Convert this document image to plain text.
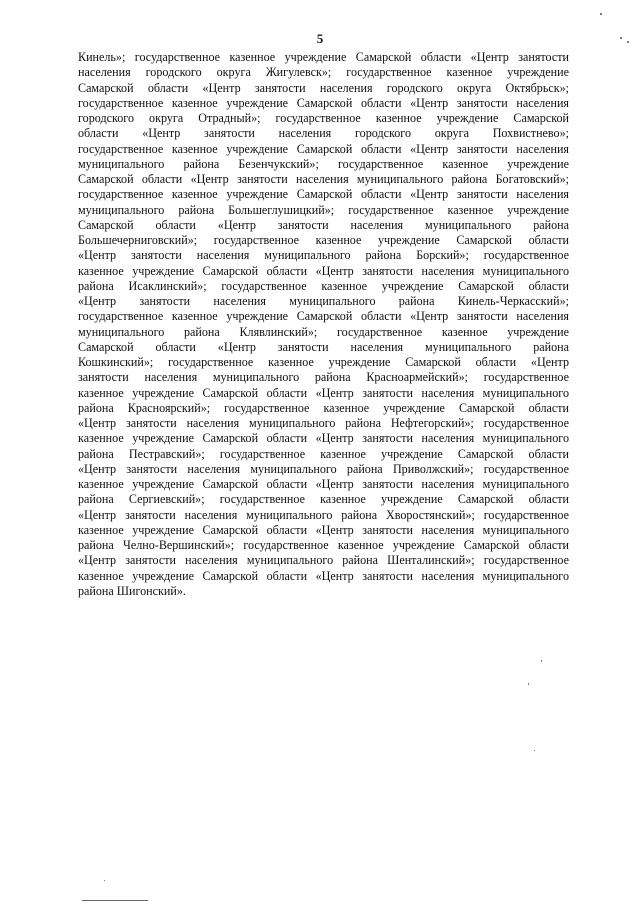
5
Кинель»; государственное казенное учреждение Самарской области «Центр занятости
населения городского округа Жигулевск»; государственное казенное учреждение
Самарской области «Центр занятости населения городского округа Октябрьск»;
государственное казенное учреждение Самарской области «Центр занятости населения
городского округа Отрадный»; государственное казенное учреждение Самарской
области «Центр занятости населения городского округа Похвистнево»;
государственное казенное учреждение Самарской области «Центр занятости населения
муниципального района Безенчукский»; государственное казенное учреждение
Самарской области «Центр занятости населения муниципального района Богатовский»;
государственное казенное учреждение Самарской области «Центр занятости населения
муниципального района Большеглушицкий»; государственное казенное учреждение
Самарской области «Центр занятости населения муниципального района
Большечерниговский»; государственное казенное учреждение Самарской области
«Центр занятости населения муниципального района Борский»; государственное
казенное учреждение Самарской области «Центр занятости населения муниципального
района Исаклинский»; государственное казенное учреждение Самарской области
«Центр занятости населения муниципального района Кинель-Черкасский»;
государственное казенное учреждение Самарской области «Центр занятости населения
муниципального района Клявлинский»; государственное казенное учреждение
Самарской области «Центр занятости населения муниципального района
Кошкинский»; государственное казенное учреждение Самарской области «Центр
занятости населения муниципального района Красноармейский»; государственное
казенное учреждение Самарской области «Центр занятости населения муниципального
района Красноярский»; государственное казенное учреждение Самарской области
«Центр занятости населения муниципального района Нефтегорский»; государственное
казенное учреждение Самарской области «Центр занятости населения муниципального
района Пестравский»; государственное казенное учреждение Самарской области
«Центр занятости населения муниципального района Приволжский»; государственное
казенное учреждение Самарской области «Центр занятости населения муниципального
района Сергиевский»; государственное казенное учреждение Самарской области
«Центр занятости населения муниципального района Хворостянский»; государственное
казенное учреждение Самарской области «Центр занятости населения муниципального
района Челно-Вершинский»; государственное казенное учреждение Самарской области
«Центр занятости населения муниципального района Шенталинский»; государственное
казенное учреждение Самарской области «Центр занятости населения муниципального
района Шигонский».
